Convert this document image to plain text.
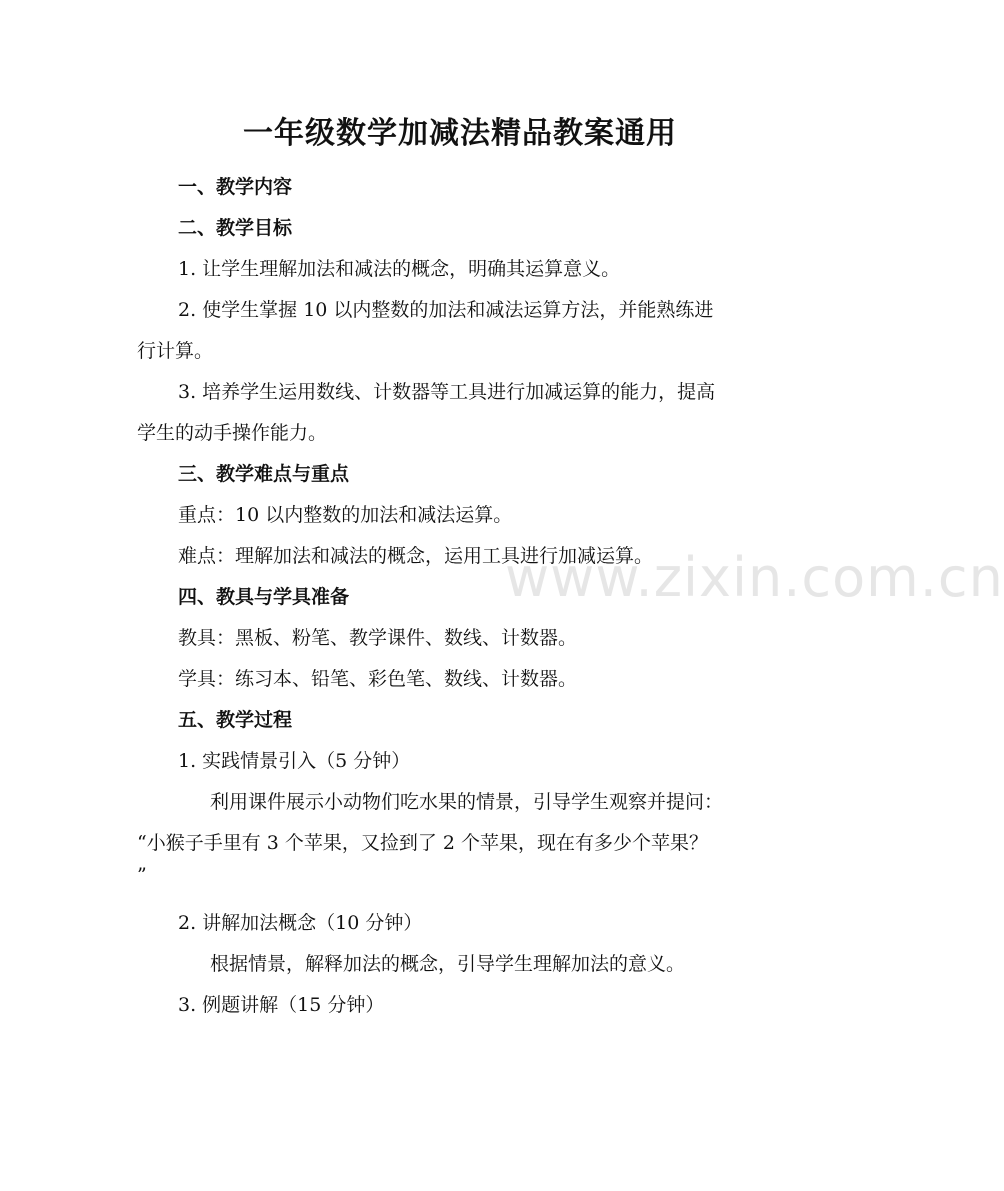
www.zixin.com.cn
一年级数学加减法精品教案通用
一、教学内容
二、教学目标
1. 让学生理解加法和减法的概念，明确其运算意义。
2. 使学生掌握 10 以内整数的加法和减法运算方法，并能熟练进
行计算。
3. 培养学生运用数线、计数器等工具进行加减运算的能力，提高
学生的动手操作能力。
三、教学难点与重点
重点：10 以内整数的加法和减法运算。
难点：理解加法和减法的概念，运用工具进行加减运算。
四、教具与学具准备
教具：黑板、粉笔、教学课件、数线、计数器。
学具：练习本、铅笔、彩色笔、数线、计数器。
五、教学过程
1. 实践情景引入（5 分钟）
利用课件展示小动物们吃水果的情景，引导学生观察并提问：
“小猴子手里有 3 个苹果，又捡到了 2 个苹果，现在有多少个苹果？
”
2. 讲解加法概念（10 分钟）
根据情景，解释加法的概念，引导学生理解加法的意义。
3. 例题讲解（15 分钟）
